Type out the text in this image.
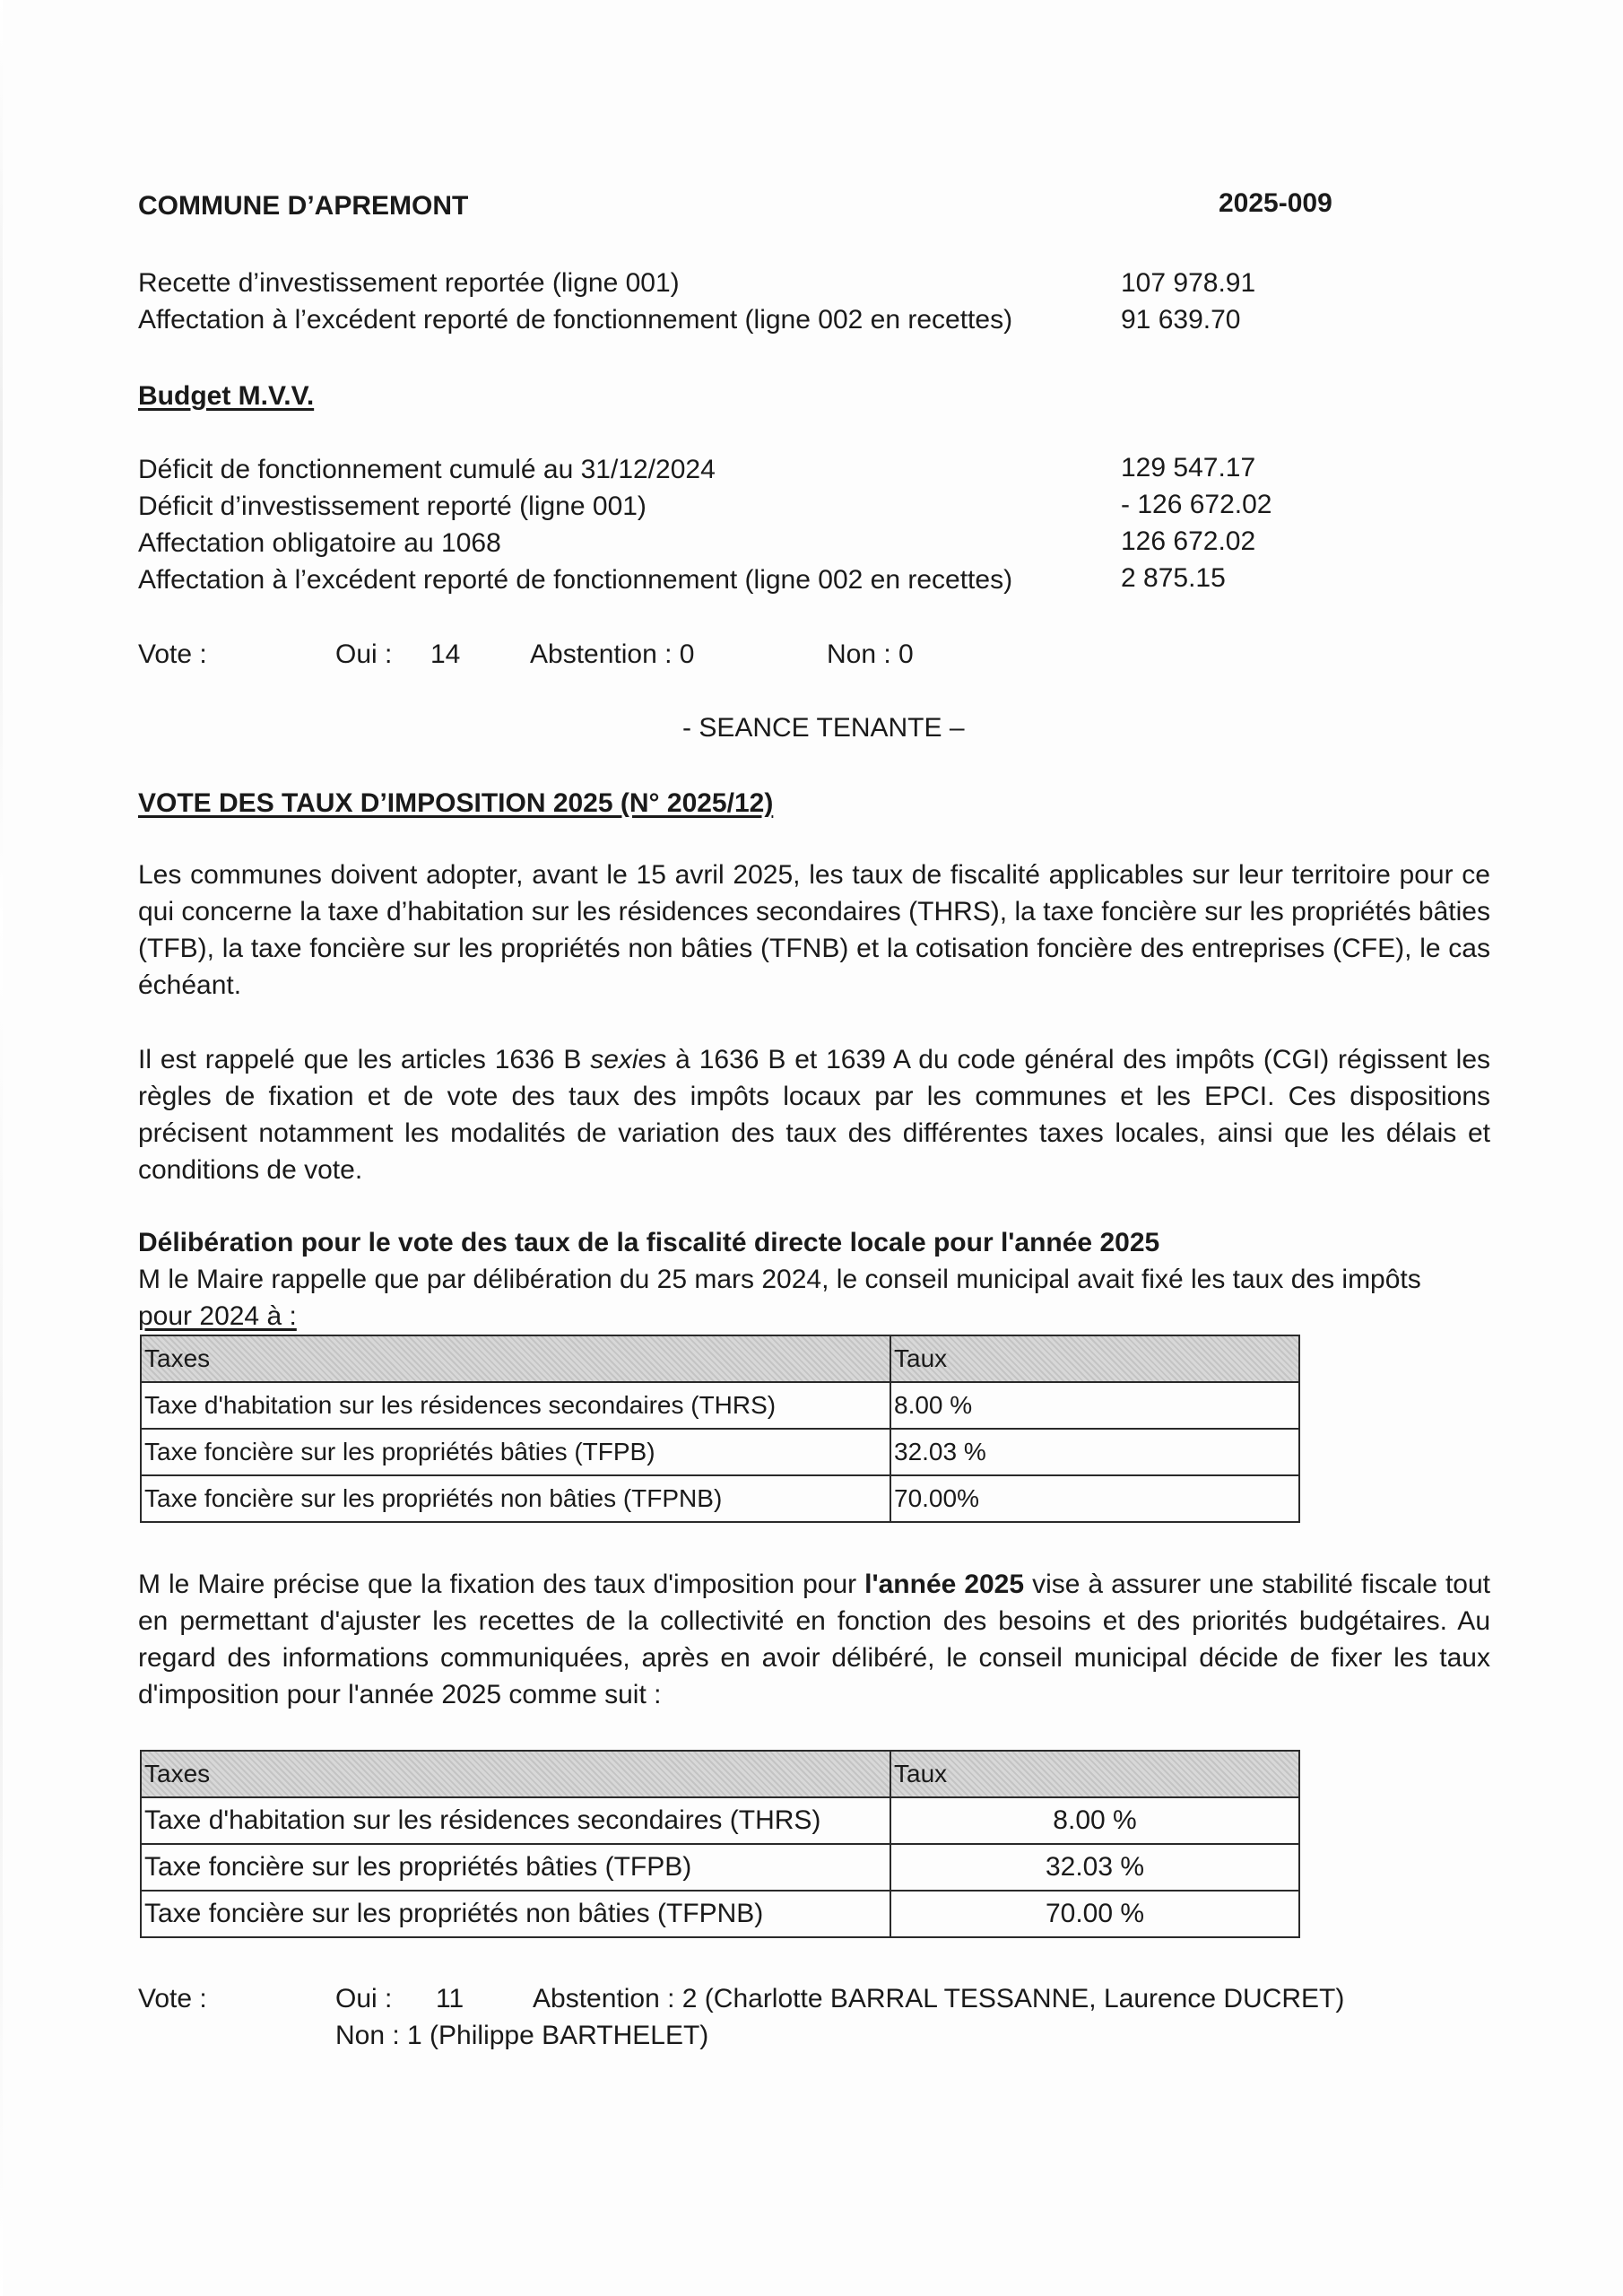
COMMUNE D’APREMONT	2025-009
Recette d’investissement reportée (ligne 001)	107 978.91
Affectation à l’excédent reporté de fonctionnement (ligne 002 en recettes)	91 639.70
Budget M.V.V.
Déficit de fonctionnement cumulé au 31/12/2024	129 547.17
Déficit d’investissement reporté (ligne 001)	- 126 672.02
Affectation obligatoire au 1068	126 672.02
Affectation à l’excédent reporté de fonctionnement (ligne 002 en recettes)	2 875.15
Vote :	Oui : 14	Abstention : 0	Non : 0
- SEANCE TENANTE –
VOTE DES TAUX D’IMPOSITION 2025 (N° 2025/12)

Les communes doivent adopter, avant le 15 avril 2025, les taux de fiscalité applicables sur leur territoire pour ce qui concerne la taxe d’habitation sur les résidences secondaires (THRS), la taxe foncière sur les propriétés bâties (TFB), la taxe foncière sur les propriétés non bâties (TFNB) et la cotisation foncière des entreprises (CFE), le cas échéant.

Il est rappelé que les articles 1636 B sexies à 1636 B et 1639 A du code général des impôts (CGI) régissent les règles de fixation et de vote des taux des impôts locaux par les communes et les EPCI. Ces dispositions précisent notamment les modalités de variation des taux des différentes taxes locales, ainsi que les délais et conditions de vote.

Délibération pour le vote des taux de la fiscalité directe locale pour l'année 2025
M le Maire rappelle que par délibération du 25 mars 2024, le conseil municipal avait fixé les taux des impôts
pour 2024 à :
Taxes	Taux
Taxe d'habitation sur les résidences secondaires (THRS)	8.00 %
Taxe foncière sur les propriétés bâties (TFPB)	32.03 %
Taxe foncière sur les propriétés non bâties (TFPNB)	70.00%

M le Maire précise que la fixation des taux d'imposition pour l'année 2025 vise à assurer une stabilité fiscale tout en permettant d'ajuster les recettes de la collectivité en fonction des besoins et des priorités budgétaires. Au regard des informations communiquées, après en avoir délibéré, le conseil municipal décide de fixer les taux d'imposition pour l'année 2025 comme suit :

Taxes	Taux
Taxe d'habitation sur les résidences secondaires (THRS)	8.00 %
Taxe foncière sur les propriétés bâties (TFPB)	32.03 %
Taxe foncière sur les propriétés non bâties (TFPNB)	70.00 %
Vote :	Oui : 11	Abstention : 2 (Charlotte BARRAL TESSANNE, Laurence DUCRET)
Non : 1 (Philippe BARTHELET)
